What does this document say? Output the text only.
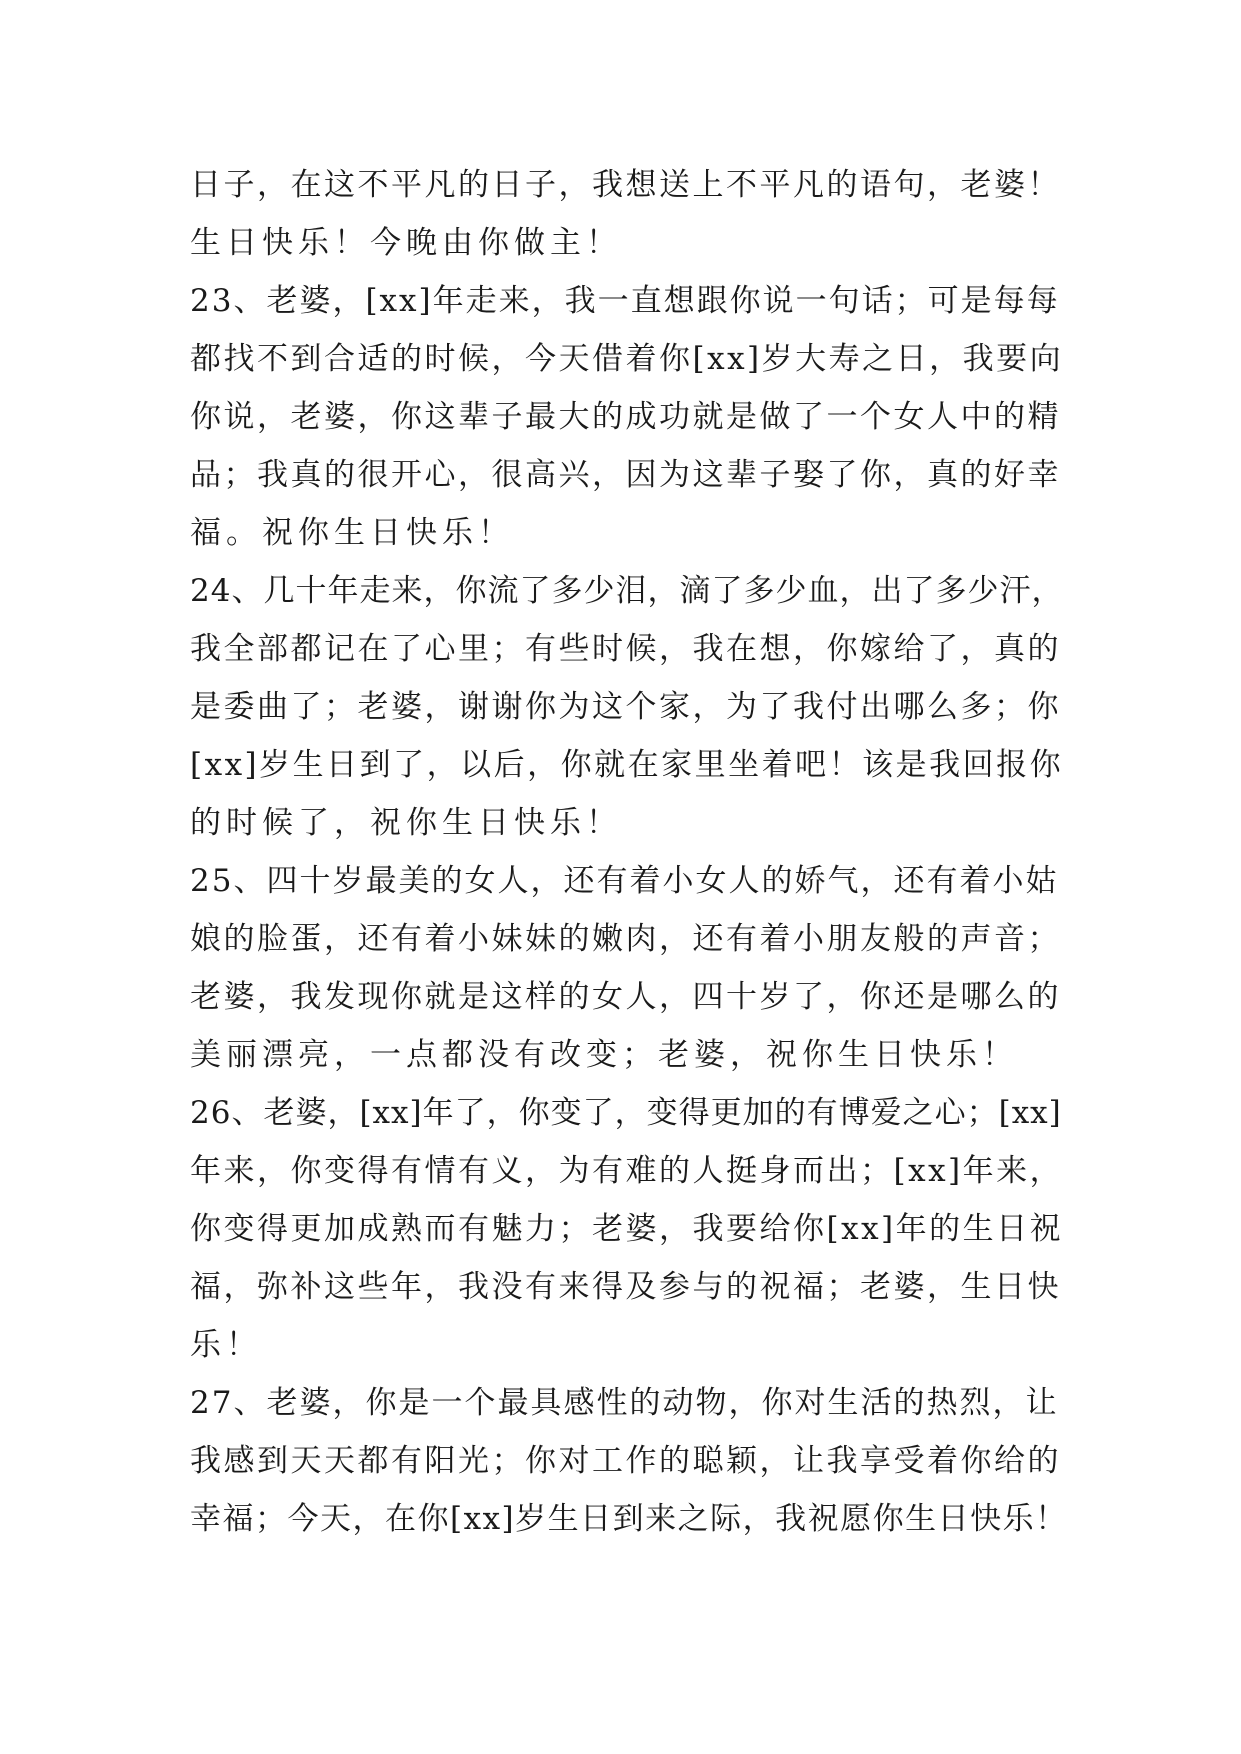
日子，在这不平凡的日子，我想送上不平凡的语句，老婆！
生日快乐！今晚由你做主！
23、老婆，[xx]年走来，我一直想跟你说一句话；可是每每
都找不到合适的时候，今天借着你[xx]岁大寿之日，我要向
你说，老婆，你这辈子最大的成功就是做了一个女人中的精
品；我真的很开心，很高兴，因为这辈子娶了你，真的好幸
福。祝你生日快乐！
24、几十年走来，你流了多少泪，滴了多少血，出了多少汗，
我全部都记在了心里；有些时候，我在想，你嫁给了，真的
是委曲了；老婆，谢谢你为这个家，为了我付出哪么多；你
[xx]岁生日到了，以后，你就在家里坐着吧！该是我回报你
的时候了，祝你生日快乐！
25、四十岁最美的女人，还有着小女人的娇气，还有着小姑
娘的脸蛋，还有着小妹妹的嫩肉，还有着小朋友般的声音；
老婆，我发现你就是这样的女人，四十岁了，你还是哪么的
美丽漂亮，一点都没有改变；老婆，祝你生日快乐！
26、老婆，[xx]年了，你变了，变得更加的有博爱之心；[xx]
年来，你变得有情有义，为有难的人挺身而出；[xx]年来，
你变得更加成熟而有魅力；老婆，我要给你[xx]年的生日祝
福，弥补这些年，我没有来得及参与的祝福；老婆，生日快
乐！
27、老婆，你是一个最具感性的动物，你对生活的热烈，让
我感到天天都有阳光；你对工作的聪颖，让我享受着你给的
幸福；今天，在你[xx]岁生日到来之际，我祝愿你生日快乐！
